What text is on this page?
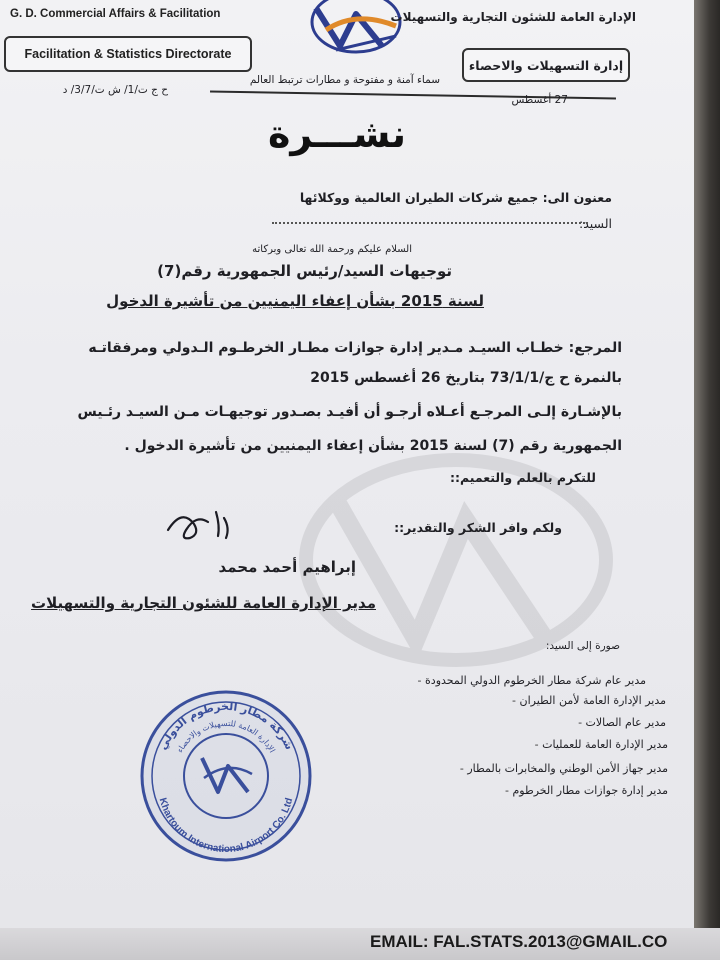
G. D. Commercial Affairs & Facilitation
Facilitation & Statistics Directorate
الإدارة العامة للشئون التجارية والتسهيلات
إدارة التسهيلات والاحصاء
سماء آمنة و مفتوحة و مطارات ترتبط العالم
ح ج ت/1/ ش ت/3/7/ د
27 أغسطس
نشـــرة
معنون الى: جميع شركات الطيران العالمية ووكلائها
السيد:
السلام عليكم ورحمة الله تعالى وبركاته
توجيهات السيد/رئيس الجمهورية رقم(7)
لسنة 2015 بشأن إعفاء اليمنيين من تأشيرة الدخول
المرجع: خطـاب السيـد مـدير إدارة جوازات مطـار الخرطـوم الـدولي ومرفقاتـه
بالنمرة ح ج/73/1/1 بتاريخ 26 أغسطس 2015
بالإشـارة إلـى المرجـع أعـلاه أرجـو أن أفيـد بصـدور توجيهـات مـن السيـد رئـيس
الجمهورية رقم (7) لسنة 2015 بشأن إعفاء اليمنيين من تأشيرة الدخول .
للتكرم بالعلم والتعميم::
ولكم وافر الشكر والتقدير::
إبراهيم أحمد محمد
مدير الإدارة العامة للشئون التجارية والتسهيلات
صورة إلى السيد:
مدير عام شركة مطار الخرطوم الدولي المحدودة -
مدير الإدارة العامة لأمن الطيران -
مدير عام الصالات -
مدير الإدارة العامة للعمليات -
مدير جهاز الأمن الوطني والمخابرات بالمطار -
مدير إدارة جوازات مطار الخرطوم -
شركة مطار الخرطوم الدولي
الإدارة العامة للتسهيلات والاحصاء
Khartoum International Airport Co. Ltd
EMAIL: FAL.STATS.2013@GMAIL.CO
